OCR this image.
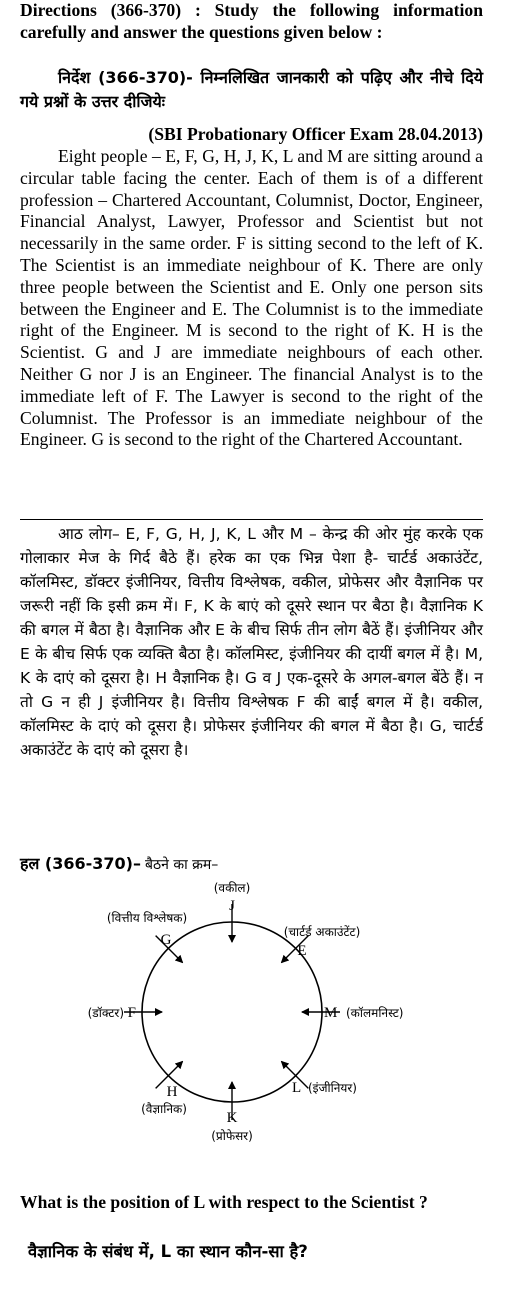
Directions (366-370) : Study the following information carefully and answer the questions given below :
निर्देश (366-370)- निम्नलिखित जानकारी को पढ़िए और नीचे दिये गये प्रश्नों के उत्तर दीजियेः
(SBI Probationary Officer Exam 28.04.2013)
Eight people – E, F, G, H, J, K, L and M are sitting around a circular table facing the center. Each of them is of a different profession – Chartered Accountant, Columnist, Doctor, Engineer, Financial Analyst, Lawyer, Professor and Scientist but not necessarily in the same order. F is sitting second to the left of K. The Scientist is an immediate neighbour of K. There are only three people between the Scientist and E. Only one person sits between the Engineer and E. The Columnist is to the immediate right of the Engineer. M is second to the right of K. H is the Scientist. G and J are immediate neighbours of each other. Neither G nor J is an Engineer. The financial Analyst is to the immediate left of F. The Lawyer is second to the right of the Columnist. The Professor is an immediate neighbour of the Engineer. G is second to the right of the Chartered Accountant.
आठ लोग– E, F, G, H, J, K, L और M – केन्द्र की ओर मुंह करके एक गोलाकार मेज के गिर्द बैठे हैं। हरेक का एक भिन्न पेशा है- चार्टर्ड अकाउंटेंट, कॉलमिस्ट, डॉक्टर इंजीनियर, वित्तीय विश्लेषक, वकील, प्रोफेसर और वैज्ञानिक पर जरूरी नहीं कि इसी क्रम में। F, K के बाएं को दूसरे स्थान पर बैठा है। वैज्ञानिक K की बगल में बैठा है। वैज्ञानिक और E के बीच सिर्फ तीन लोग बैठें हैं। इंजीनियर और E के बीच सिर्फ एक व्यक्ति बैठा है। कॉलमिस्ट, इंजीनियर की दायीं बगल में है। M, K के दाएं को दूसरा है। H वैज्ञानिक है। G व J एक-दूसरे के अगल-बगल बेंठे हैं। न तो G न ही J इंजीनियर है। वित्तीय विश्लेषक F की बाईं बगल में है। वकील, कॉलमिस्ट के दाएं को दूसरा है। प्रोफेसर इंजीनियर की बगल में बैठा है। G, चार्टर्ड अकाउंटेंट के दाएं को दूसरा है।
हल (366-370)– बैठने का क्रम–
J
(वकील)
E
(चार्टर्ड अकाउंटेंट)
M (कॉलमनिस्ट)
L (इंजीनियर)
K
(प्रोफेसर)
H
(वैज्ञानिक)
F
(डॉक्टर)
G
(वित्तीय विश्लेषक)
What is the position of L with respect to the Scientist ?
वैज्ञानिक के संबंध में, L का स्थान कौन-सा है?
